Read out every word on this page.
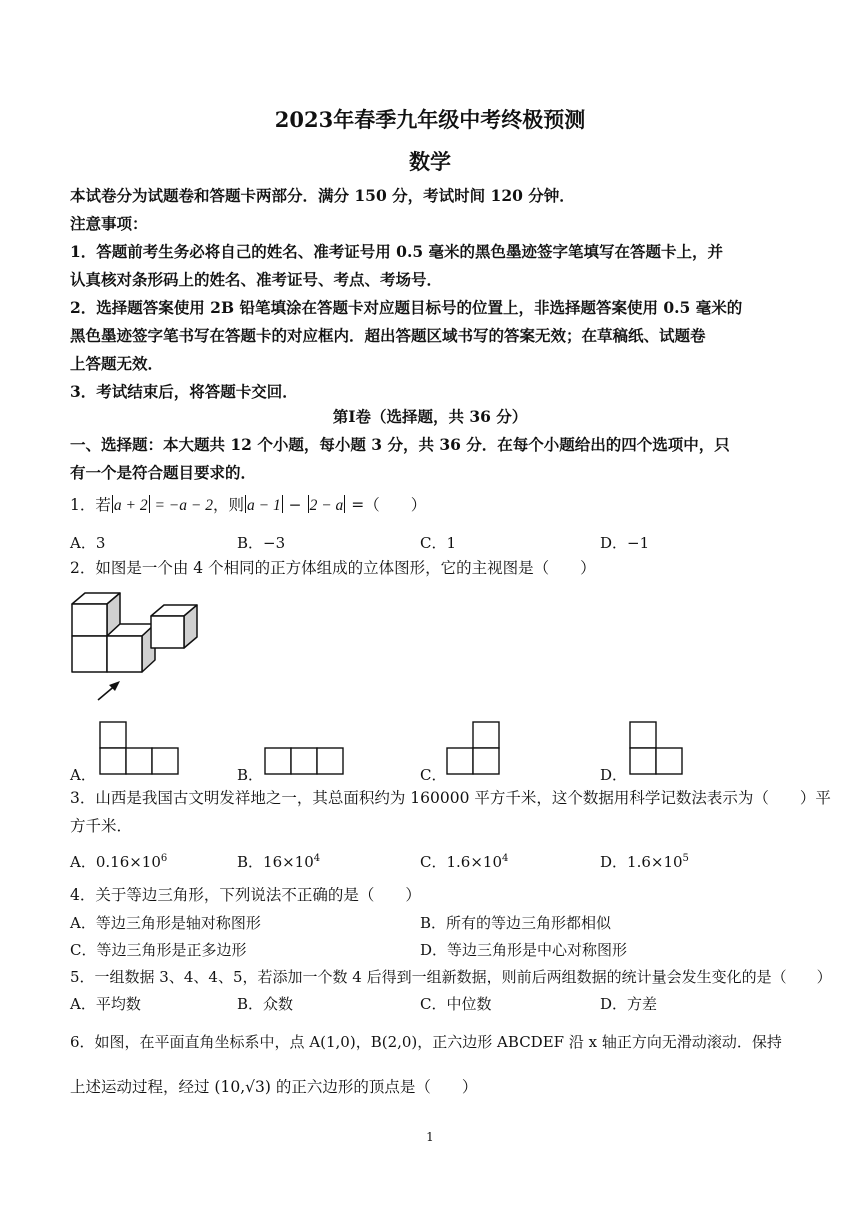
2023年春季九年级中考终极预测
数学
本试卷分为试题卷和答题卡两部分．满分 150 分，考试时间 120 分钟．
注意事项：
1．答题前考生务必将自己的姓名、准考证号用 0.5 毫米的黑色墨迹签字笔填写在答题卡上，并
认真核对条形码上的姓名、准考证号、考点、考场号．
2．选择题答案使用 2B 铅笔填涂在答题卡对应题目标号的位置上，非选择题答案使用 0.5 毫米的
黑色墨迹签字笔书写在答题卡的对应框内．超出答题区域书写的答案无效；在草稿纸、试题卷
上答题无效．
3．考试结束后，将答题卡交回．
第Ⅰ卷（选择题，共 36 分）
一、选择题：本大题共 12 个小题，每小题 3 分，共 36 分．在每个小题给出的四个选项中，只
有一个是符合题目要求的．
1．若 a + 2 = −a − 2，则 a − 1 − 2 − a =（　　）
A．3	B．−3	C．1	D．−1
2．如图是一个由 4 个相同的正方体组成的立体图形，它的主视图是（　　）
A．	B．	C．	D．
3．山西是我国古文明发祥地之一，其总面积约为 160000 平方千米，这个数据用科学记数法表示为（　　）平
方千米．
A．$0.16\times 10^6$	B．$16\times 10^4$	C．$1.6\times 10^4$	D．$1.6\times 10^5$
4．关于等边三角形，下列说法不正确的是（　　）
A．等边三角形是轴对称图形	B．所有的等边三角形都相似
C．等边三角形是正多边形	D．等边三角形是中心对称图形
5．一组数据 3、4、4、5，若添加一个数 4 后得到一组新数据，则前后两组数据的统计量会发生变化的是（　　）
A．平均数	B．众数	C．中位数	D．方差
6．如图，在平面直角坐标系中，点 A(1,0)，B(2,0)，正六边形 ABCDEF 沿 x 轴正方向无滑动滚动．保持
上述运动过程，经过 (10,√3) 的正六边形的顶点是（　　）
1
